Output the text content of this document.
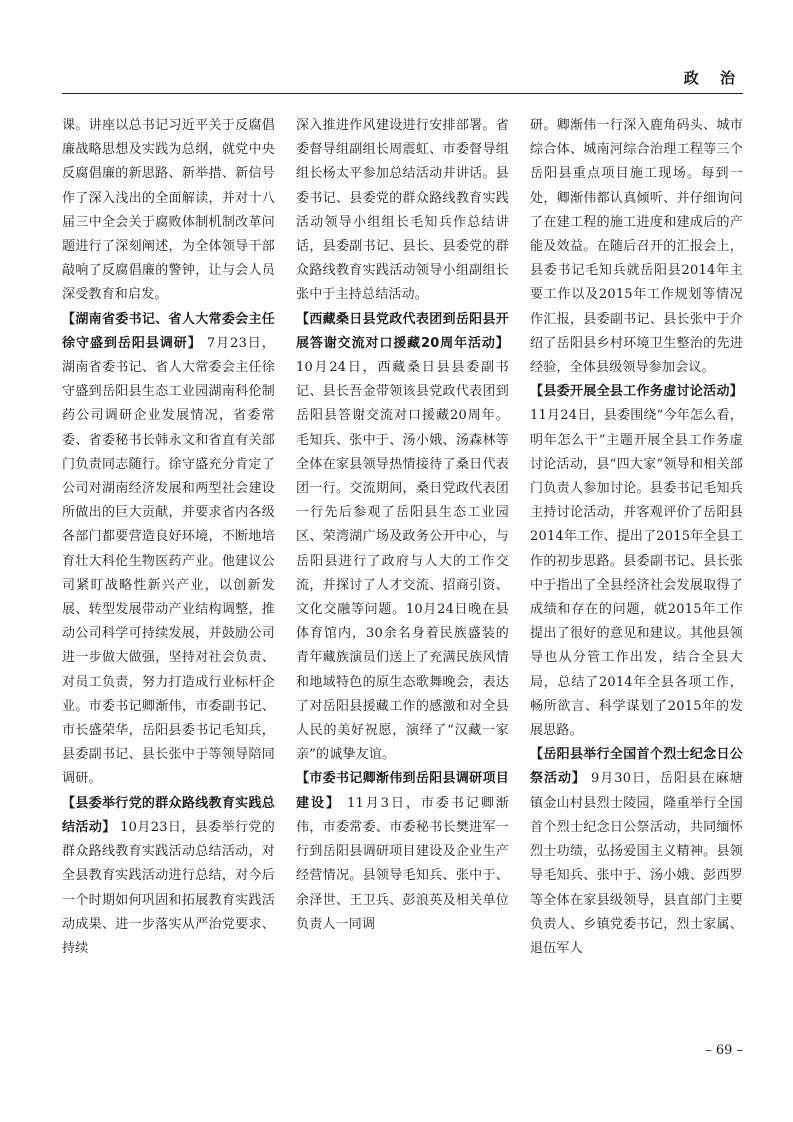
政 治

课。讲座以总书记习近平关于反腐倡廉战略思想及实践为总纲，就党中央反腐倡廉的新思路、新举措、新信号作了深入浅出的全面解读，并对十八届三中全会关于腐败体制机制改革问题进行了深刻阐述，为全体领导干部敲响了反腐倡廉的警钟，让与会人员深受教育和启发。

【湖南省委书记、省人大常委会主任徐守盛到岳阳县调研】 7月23日，湖南省委书记、省人大常委会主任徐守盛到岳阳县生态工业园湖南科伦制药公司调研企业发展情况，省委常委、省委秘书长韩永文和省直有关部门负责同志随行。徐守盛充分肯定了公司对湖南经济发展和两型社会建设所做出的巨大贡献，并要求省内各级各部门都要营造良好环境，不断地培育壮大科伦生物医药产业。他建议公司紧盯战略性新兴产业，以创新发展、转型发展带动产业结构调整，推动公司科学可持续发展，并鼓励公司进一步做大做强，坚持对社会负责、对员工负责，努力打造成行业标杆企业。市委书记卿渐伟，市委副书记、市长盛荣华，岳阳县委书记毛知兵，县委副书记、县长张中于等领导陪同调研。

【县委举行党的群众路线教育实践总结活动】 10月23日，县委举行党的群众路线教育实践活动总结活动，对全县教育实践活动进行总结，对今后一个时期如何巩固和拓展教育实践活动成果、进一步落实从严治党要求、持续

深入推进作风建设进行安排部署。省委督导组副组长周震虹、市委督导组组长杨太平参加总结活动并讲话。县委书记、县委党的群众路线教育实践活动领导小组组长毛知兵作总结讲话，县委副书记、县长、县委党的群众路线教育实践活动领导小组副组长张中于主持总结活动。

【西藏桑日县党政代表团到岳阳县开展答谢交流对口援藏20周年活动】 10月24日，西藏桑日县县委副书记、县长吾金带领该县党政代表团到岳阳县答谢交流对口援藏20周年。毛知兵、张中于、汤小娥、汤森林等全体在家县领导热情接待了桑日代表团一行。交流期间，桑日党政代表团一行先后参观了岳阳县生态工业园区、荣湾湖广场及政务公开中心，与岳阳县进行了政府与人大的工作交流，并探讨了人才交流、招商引资、文化交融等问题。10月24日晚在县体育馆内，30余名身着民族盛装的青年藏族演员们送上了充满民族风情和地域特色的原生态歌舞晚会，表达了对岳阳县援藏工作的感激和对全县人民的美好祝愿，演绎了“汉藏一家亲”的诚挚友谊。

【市委书记卿渐伟到岳阳县调研项目建设】 11月3日，市委书记卿渐伟，市委常委、市委秘书长樊进军一行到岳阳县调研项目建设及企业生产经营情况。县领导毛知兵、张中于、余泽世、王卫兵、彭浪英及相关单位负责人一同调

研。卿渐伟一行深入鹿角码头、城市综合体、城南河综合治理工程等三个岳阳县重点项目施工现场。每到一处，卿渐伟都认真倾听、并仔细询问了在建工程的施工进度和建成后的产能及效益。在随后召开的汇报会上，县委书记毛知兵就岳阳县2014年主要工作以及2015年工作规划等情况作汇报，县委副书记、县长张中于介绍了岳阳县乡村环境卫生整治的先进经验，全体县级领导参加会议。

【县委开展全县工作务虚讨论活动】 11月24日，县委围绕“今年怎么看，明年怎么干”主题开展全县工作务虚讨论活动，县“四大家”领导和相关部门负责人参加讨论。县委书记毛知兵主持讨论活动，并客观评价了岳阳县2014年工作、提出了2015年全县工作的初步思路。县委副书记、县长张中于指出了全县经济社会发展取得了成绩和存在的问题，就2015年工作提出了很好的意见和建议。其他县领导也从分管工作出发，结合全县大局，总结了2014年全县各项工作，畅所欲言、科学谋划了2015年的发展思路。

【岳阳县举行全国首个烈士纪念日公祭活动】 9月30日，岳阳县在麻塘镇金山村县烈士陵园，隆重举行全国首个烈士纪念日公祭活动，共同缅怀烈士功绩，弘扬爱国主义精神。县领导毛知兵、张中于、汤小娥、彭西罗等全体在家县级领导，县直部门主要负责人、乡镇党委书记，烈士家属、退伍军人

– 69 –
